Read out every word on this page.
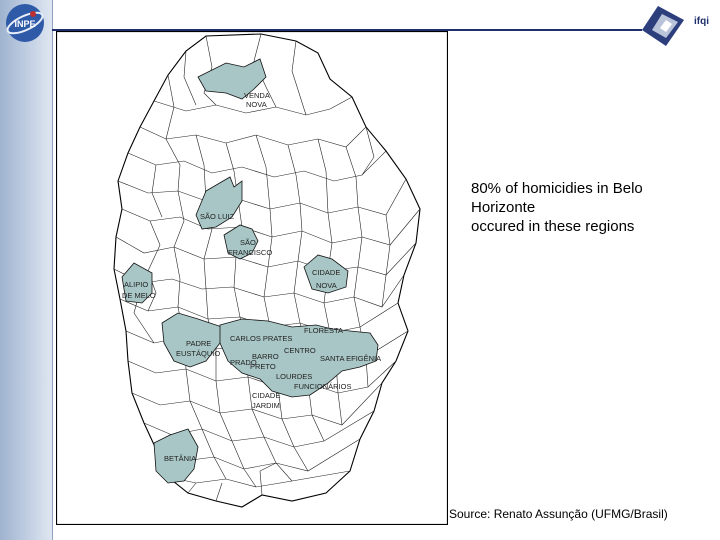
INPE	ifqi
VENDA
NOVA
SÃO LUIZ
SÃO
FRANCISCO
CIDADE
NOVA
ALIPIO
DE MELO
PADRE
EUSTÁQUIO
CARLOS PRATES
FLORESTA
CENTRO
BARRO
PRETO
PRADO	SANTA EFIGÊNIA
LOURDES
FUNCIONÁRIOS
CIDADE
JARDIM
BETÂNIA
80% of homicidies in Belo
Horizonte
occured in these regions
Source: Renato Assunção (UFMG/Brasil)
